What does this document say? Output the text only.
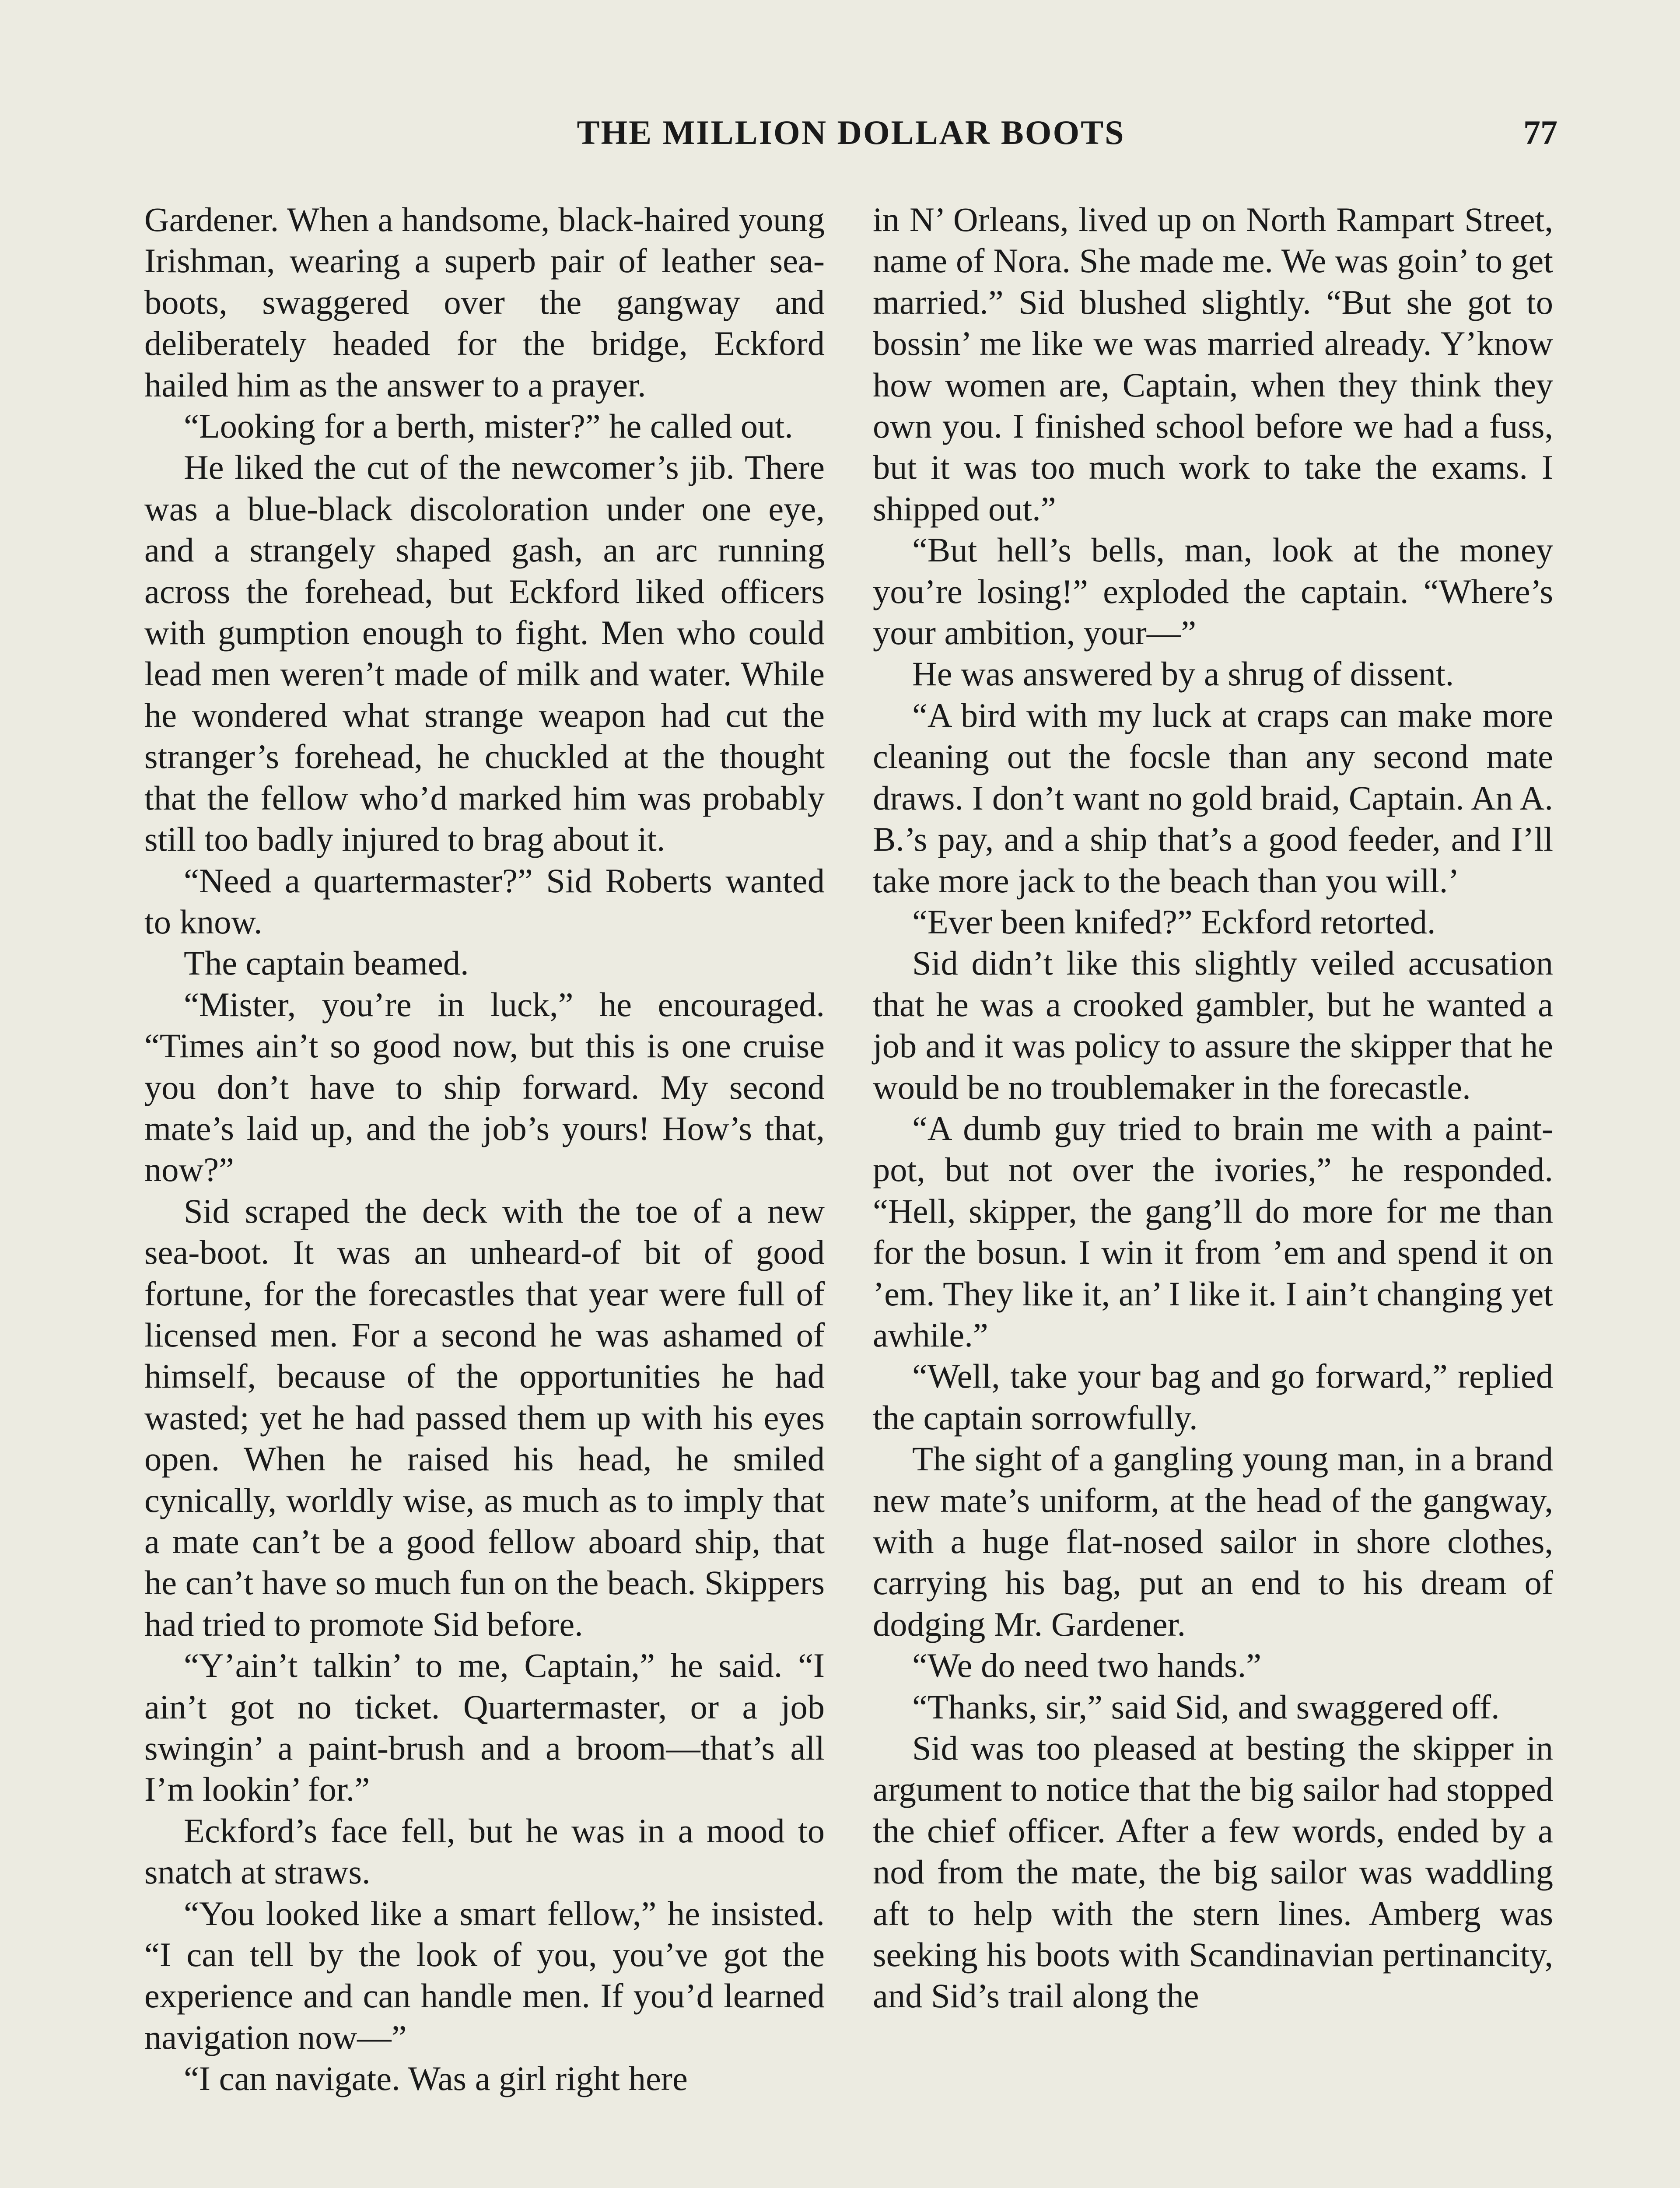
THE MILLION DOLLAR BOOTS	77

Gardener. When a handsome, black-haired young Irishman, wearing a superb pair of leather sea-boots, swaggered over the gangway and deliberately headed for the bridge, Eckford hailed him as the answer to a prayer.

“Looking for a berth, mister?” he called out.

He liked the cut of the newcomer’s jib. There was a blue-black discoloration under one eye, and a strangely shaped gash, an arc running across the forehead, but Eckford liked officers with gumption enough to fight. Men who could lead men weren’t made of milk and water. While he wondered what strange weapon had cut the stranger’s forehead, he chuckled at the thought that the fellow who’d marked him was probably still too badly injured to brag about it.

“Need a quartermaster?” Sid Roberts wanted to know.

The captain beamed.

“Mister, you’re in luck,” he encouraged. “Times ain’t so good now, but this is one cruise you don’t have to ship forward. My second mate’s laid up, and the job’s yours! How’s that, now?”

Sid scraped the deck with the toe of a new sea-boot. It was an unheard-of bit of good fortune, for the forecastles that year were full of licensed men. For a second he was ashamed of himself, because of the opportunities he had wasted; yet he had passed them up with his eyes open. When he raised his head, he smiled cynically, worldly wise, as much as to imply that a mate can’t be a good fellow aboard ship, that he can’t have so much fun on the beach. Skippers had tried to promote Sid before.

“Y’ain’t talkin’ to me, Captain,” he said. “I ain’t got no ticket. Quartermaster, or a job swingin’ a paint-brush and a broom—that’s all I’m lookin’ for.”

Eckford’s face fell, but he was in a mood to snatch at straws.

“You looked like a smart fellow,” he insisted. “I can tell by the look of you, you’ve got the experience and can handle men. If you’d learned navigation now—”

“I can navigate. Was a girl right here

in N’ Orleans, lived up on North Rampart Street, name of Nora. She made me. We was goin’ to get married.” Sid blushed slightly. “But she got to bossin’ me like we was married already. Y’know how women are, Captain, when they think they own you. I finished school before we had a fuss, but it was too much work to take the exams. I shipped out.”

“But hell’s bells, man, look at the money you’re losing!” exploded the captain. “Where’s your ambition, your—”

He was answered by a shrug of dissent.

“A bird with my luck at craps can make more cleaning out the focsle than any second mate draws. I don’t want no gold braid, Captain. An A. B.’s pay, and a ship that’s a good feeder, and I’ll take more jack to the beach than you will.’

“Ever been knifed?” Eckford retorted.

Sid didn’t like this slightly veiled accusation that he was a crooked gambler, but he wanted a job and it was policy to assure the skipper that he would be no troublemaker in the forecastle.

“A dumb guy tried to brain me with a paint-pot, but not over the ivories,” he responded. “Hell, skipper, the gang’ll do more for me than for the bosun. I win it from ’em and spend it on ’em. They like it, an’ I like it. I ain’t changing yet awhile.”

“Well, take your bag and go forward,” replied the captain sorrowfully.

The sight of a gangling young man, in a brand new mate’s uniform, at the head of the gangway, with a huge flat-nosed sailor in shore clothes, carrying his bag, put an end to his dream of dodging Mr. Gardener.

“We do need two hands.”

“Thanks, sir,” said Sid, and swaggered off.

Sid was too pleased at besting the skipper in argument to notice that the big sailor had stopped the chief officer. After a few words, ended by a nod from the mate, the big sailor was waddling aft to help with the stern lines. Amberg was seeking his boots with Scandinavian pertinancity, and Sid’s trail along the
